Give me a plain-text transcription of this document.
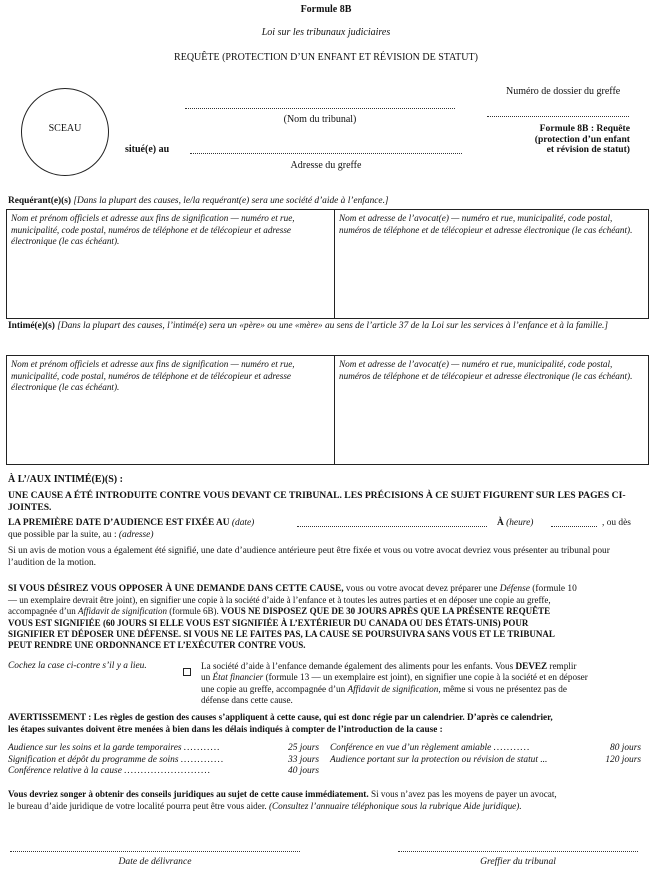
Formule 8B
Loi sur les tribunaux judiciaires
REQUÊTE (PROTECTION D’UN ENFANT ET RÉVISION DE STATUT)
SCEAU
(Nom du tribunal)
situé(e) au
Adresse du greffe
Numéro de dossier du greffe
Formule 8B : Requête
(protection d’un enfant
et révision de statut)
Requérant(e)(s) [Dans la plupart des causes, le/la requérant(e) sera une société d’aide à l’enfance.]
Nom et prénom officiels et adresse aux fins de signification — numéro et rue, municipalité, code postal, numéros de téléphone et de télécopieur et adresse électronique (le cas échéant).
Nom et adresse de l’avocat(e) — numéro et rue, municipalité, code postal, numéros de téléphone et de télécopieur et adresse électronique (le cas échéant).
Intimé(e)(s) [Dans la plupart des causes, l’intimé(e) sera un «père» ou une «mère» au sens de l’article 37 de la Loi sur les services à l’enfance et à la famille.]
Nom et prénom officiels et adresse aux fins de signification — numéro et rue, municipalité, code postal, numéros de téléphone et de télécopieur et adresse électronique (le cas échéant).
Nom et adresse de l’avocat(e) — numéro et rue, municipalité, code postal, numéros de téléphone et de télécopieur et adresse électronique (le cas échéant).
À L’/AUX INTIMÉ(E)(S) :
UNE CAUSE A ÉTÉ INTRODUITE CONTRE VOUS DEVANT CE TRIBUNAL. LES PRÉCISIONS À CE SUJET FIGURENT SUR LES PAGES CI-JOINTES.
LA PREMIÈRE DATE D’AUDIENCE EST FIXÉE AU (date)	À (heure)	, ou dès
que possible par la suite, au : (adresse)
Si un avis de motion vous a également été signifié, une date d’audience antérieure peut être fixée et vous ou votre avocat devriez vous présenter au tribunal pour l’audition de la motion.
SI VOUS DÉSIREZ VOUS OPPOSER À UNE DEMANDE DANS CETTE CAUSE, vous ou votre avocat devez préparer une Défense (formule 10
— un exemplaire devrait être joint), en signifier une copie à la société d’aide à l’enfance et à toutes les autres parties et en déposer une copie au greffe,
accompagnée d’un Affidavit de signification (formule 6B). VOUS NE DISPOSEZ QUE DE 30 JOURS APRÈS QUE LA PRÉSENTE REQUÊTE
VOUS EST SIGNIFIÉE (60 JOURS SI ELLE VOUS EST SIGNIFIÉE À L’EXTÉRIEUR DU CANADA OU DES ÉTATS-UNIS) POUR
SIGNIFIER ET DÉPOSER UNE DÉFENSE. SI VOUS NE LE FAITES PAS, LA CAUSE SE POURSUIVRA SANS VOUS ET LE TRIBUNAL
PEUT RENDRE UNE ORDONNANCE ET L’EXÉCUTER CONTRE VOUS.
Cochez la case ci-contre s’il y a lieu.	La société d’aide à l’enfance demande également des aliments pour les enfants. Vous DEVEZ remplir
un État financier (formule 13 — un exemplaire est joint), en signifier une copie à la société et en déposer
une copie au greffe, accompagnée d’un Affidavit de signification, même si vous ne présentez pas de
défense dans cette cause.
AVERTISSEMENT : Les règles de gestion des causes s’appliquent à cette cause, qui est donc régie par un calendrier. D’après ce calendrier,
les étapes suivantes doivent être menées à bien dans les délais indiqués à compter de l’introduction de la cause :
Audience sur les soins et la garde temporaires ...........	25 jours
Signification et dépôt du programme de soins .............	33 jours
Conférence relative à la cause ..........................	40 jours
Conférence en vue d’un règlement amiable ...........	80 jours
Audience portant sur la protection ou révision de statut ...	120 jours
Vous devriez songer à obtenir des conseils juridiques au sujet de cette cause immédiatement. Si vous n’avez pas les moyens de payer un avocat,
le bureau d’aide juridique de votre localité pourra peut être vous aider. (Consultez l’annuaire téléphonique sous la rubrique Aide juridique).
Date de délivrance	Greffier du tribunal
